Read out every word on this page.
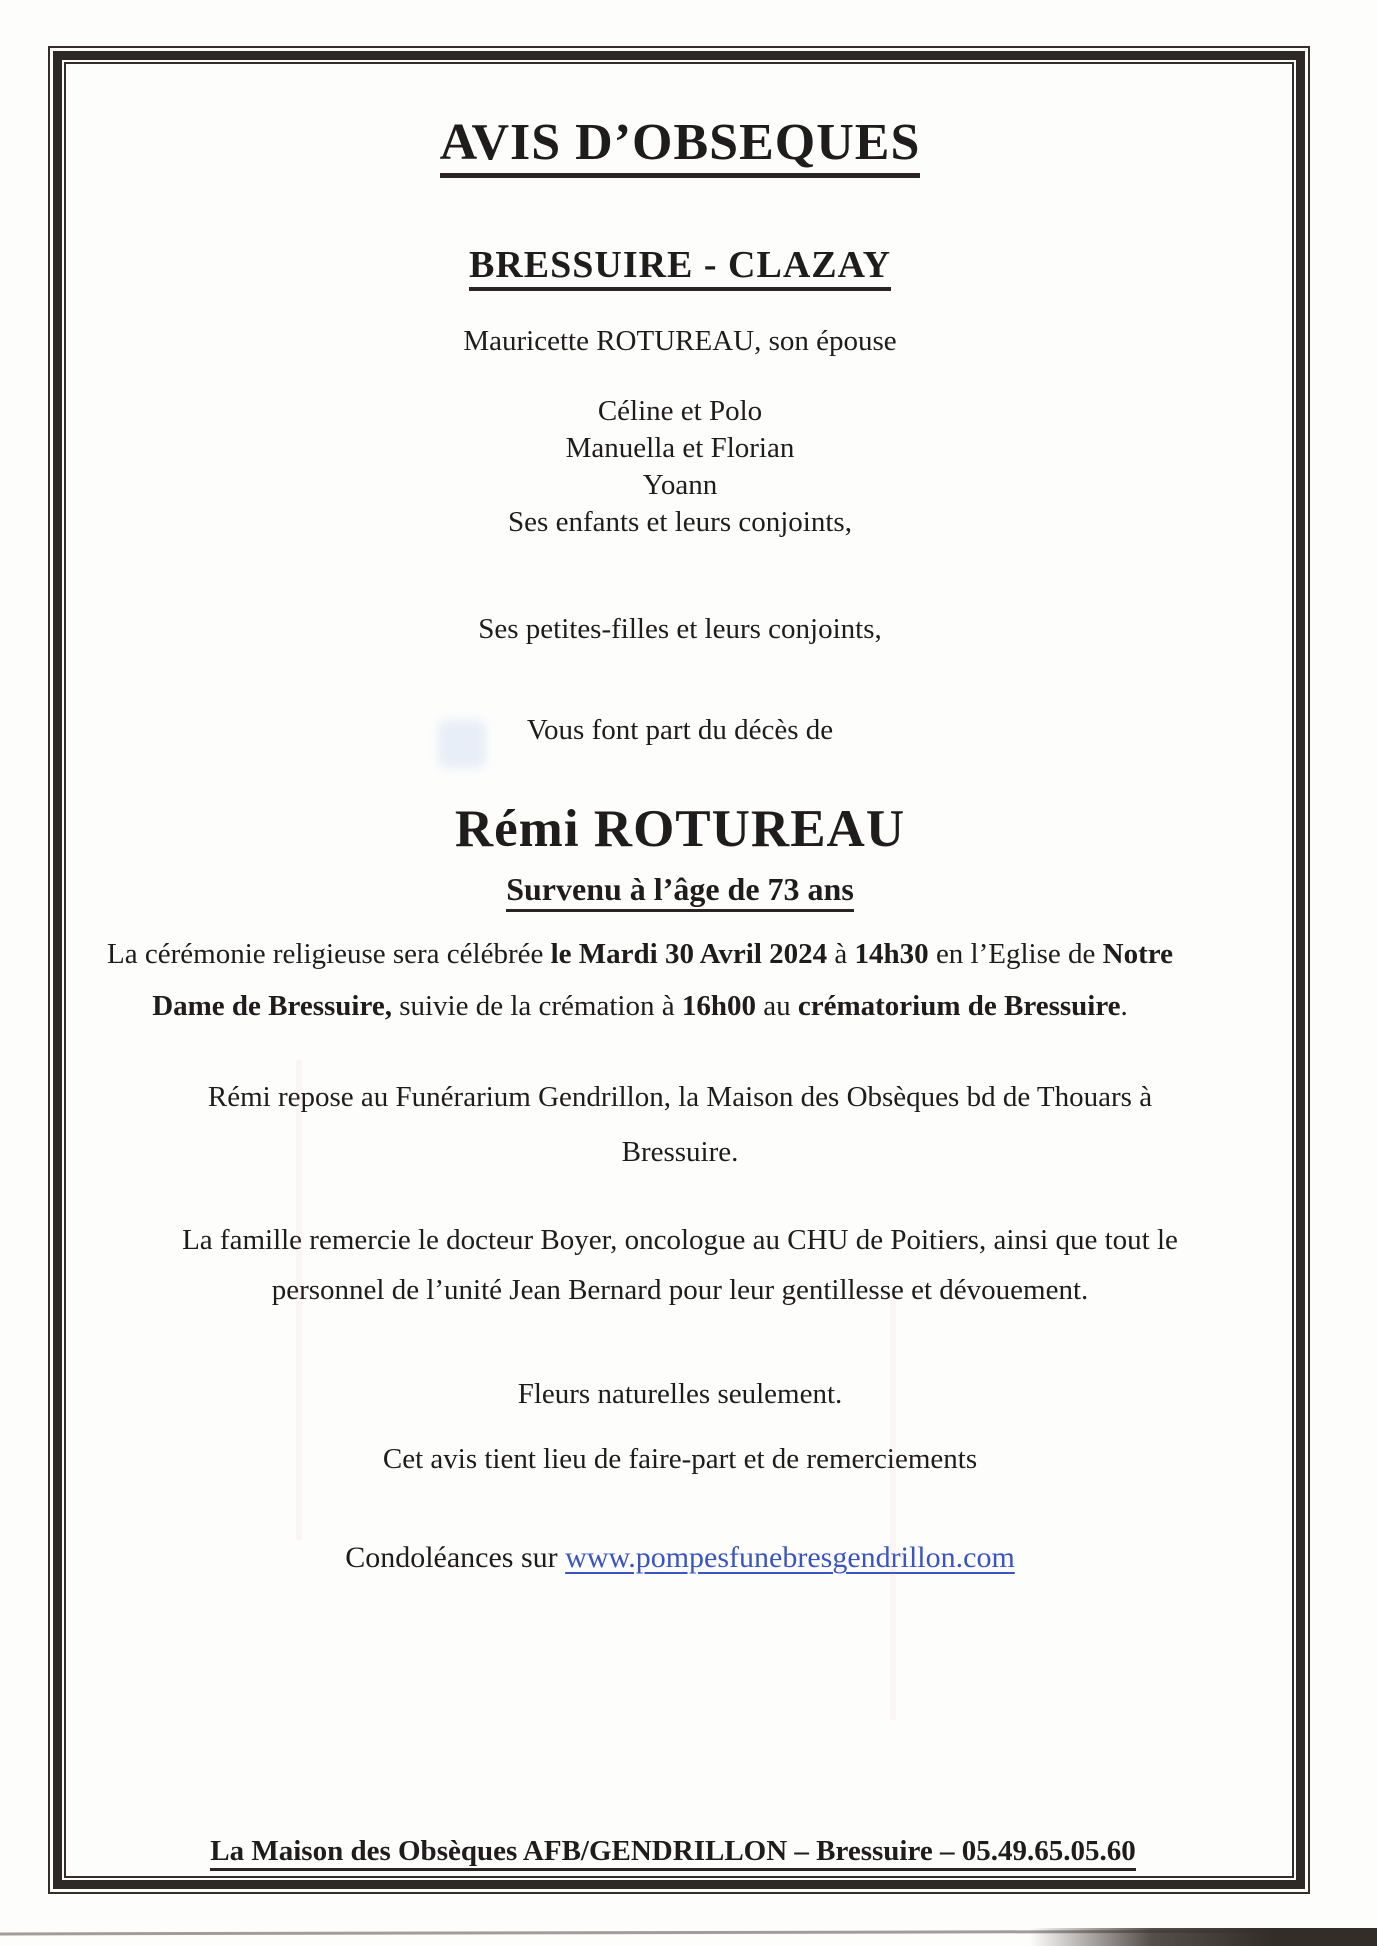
AVIS D’OBSEQUES
BRESSUIRE - CLAZAY
Mauricette ROTUREAU, son épouse
Céline et Polo
Manuella et Florian
Yoann
Ses enfants et leurs conjoints,
Ses petites-filles et leurs conjoints,
Vous font part du décès de
Rémi ROTUREAU
Survenu à l’âge de 73 ans
La cérémonie religieuse sera célébrée le Mardi 30 Avril 2024 à 14h30 en l’Eglise de Notre
Dame de Bressuire, suivie de la crémation à 16h00 au crématorium de Bressuire.
Rémi repose au Funérarium Gendrillon, la Maison des Obsèques bd de Thouars à
Bressuire.
La famille remercie le docteur Boyer, oncologue au CHU de Poitiers, ainsi que tout le
personnel de l’unité Jean Bernard pour leur gentillesse et dévouement.
Fleurs naturelles seulement.
Cet avis tient lieu de faire-part et de remerciements
Condoléances sur www.pompesfunebresgendrillon.com
La Maison des Obsèques AFB/GENDRILLON – Bressuire – 05.49.65.05.60
